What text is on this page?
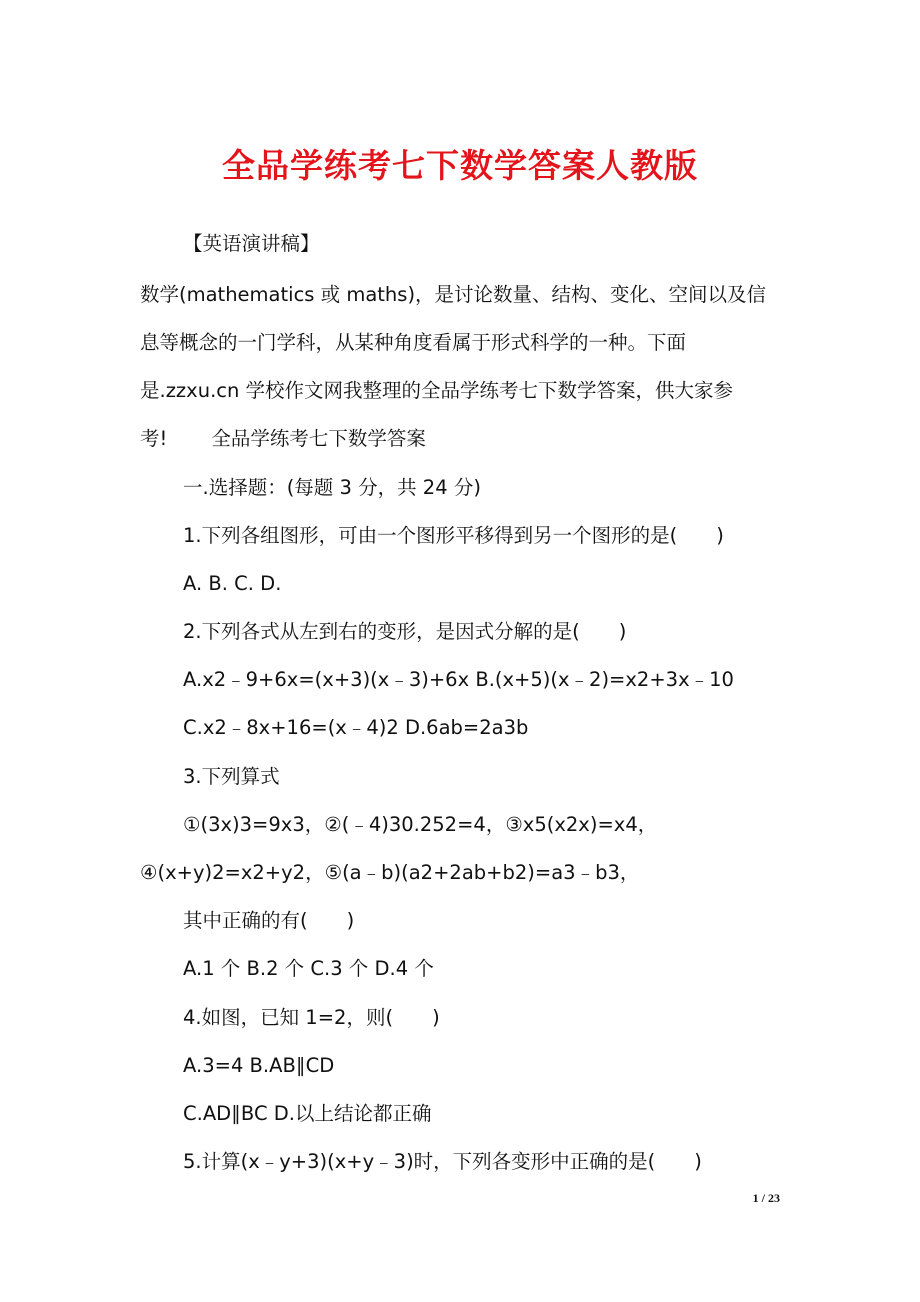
全品学练考七下数学答案人教版
【英语演讲稿】
数学(mathematics 或 maths)，是讨论数量、结构、变化、空间以及信
息等概念的一门学科，从某种角度看属于形式科学的一种。下面
是.zzxu.cn 学校作文网我整理的全品学练考七下数学答案，供大家参
考! 全品学练考七下数学答案
一.选择题：(每题 3 分，共 24 分)
1.下列各组图形，可由一个图形平移得到另一个图形的是(　　)
A. B. C. D.
2.下列各式从左到右的变形，是因式分解的是(　　)
A.x2﹣9+6x=(x+3)(x﹣3)+6x B.(x+5)(x﹣2)=x2+3x﹣10
C.x2﹣8x+16=(x﹣4)2 D.6ab=2a3b
3.下列算式
①(3x)3=9x3，②(﹣4)30.252=4，③x5(x2x)=x4，
④(x+y)2=x2+y2，⑤(a﹣b)(a2+2ab+b2)=a3﹣b3，
其中正确的有(　　)
A.1 个 B.2 个 C.3 个 D.4 个
4.如图，已知 1=2，则(　　)
A.3=4 B.AB∥CD
C.AD∥BC D.以上结论都正确
5.计算(x﹣y+3)(x+y﹣3)时，下列各变形中正确的是(　　)
1 / 23
